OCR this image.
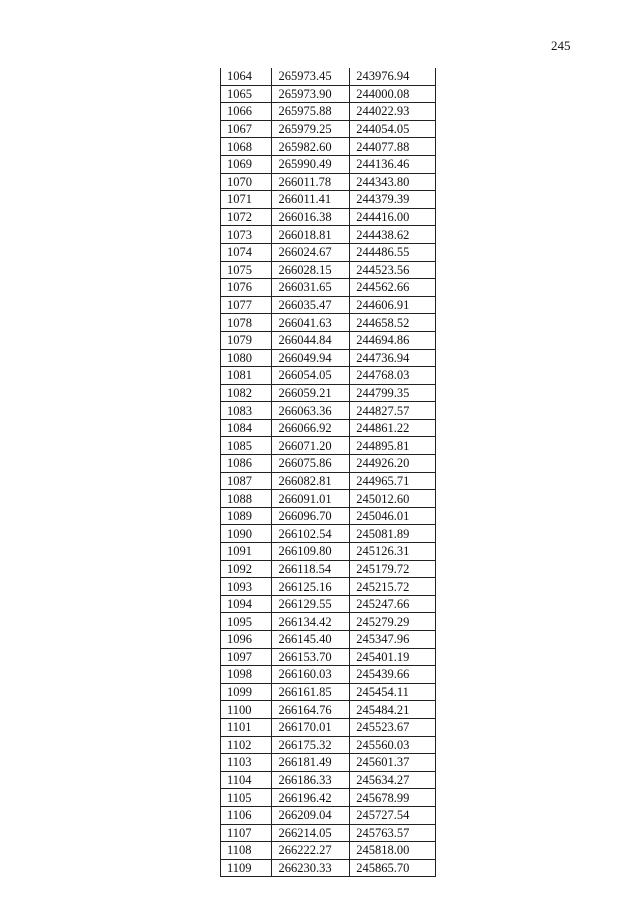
245
1064	265973.45	243976.94
1065	265973.90	244000.08
1066	265975.88	244022.93
1067	265979.25	244054.05
1068	265982.60	244077.88
1069	265990.49	244136.46
1070	266011.78	244343.80
1071	266011.41	244379.39
1072	266016.38	244416.00
1073	266018.81	244438.62
1074	266024.67	244486.55
1075	266028.15	244523.56
1076	266031.65	244562.66
1077	266035.47	244606.91
1078	266041.63	244658.52
1079	266044.84	244694.86
1080	266049.94	244736.94
1081	266054.05	244768.03
1082	266059.21	244799.35
1083	266063.36	244827.57
1084	266066.92	244861.22
1085	266071.20	244895.81
1086	266075.86	244926.20
1087	266082.81	244965.71
1088	266091.01	245012.60
1089	266096.70	245046.01
1090	266102.54	245081.89
1091	266109.80	245126.31
1092	266118.54	245179.72
1093	266125.16	245215.72
1094	266129.55	245247.66
1095	266134.42	245279.29
1096	266145.40	245347.96
1097	266153.70	245401.19
1098	266160.03	245439.66
1099	266161.85	245454.11
1100	266164.76	245484.21
1101	266170.01	245523.67
1102	266175.32	245560.03
1103	266181.49	245601.37
1104	266186.33	245634.27
1105	266196.42	245678.99
1106	266209.04	245727.54
1107	266214.05	245763.57
1108	266222.27	245818.00
1109	266230.33	245865.70
